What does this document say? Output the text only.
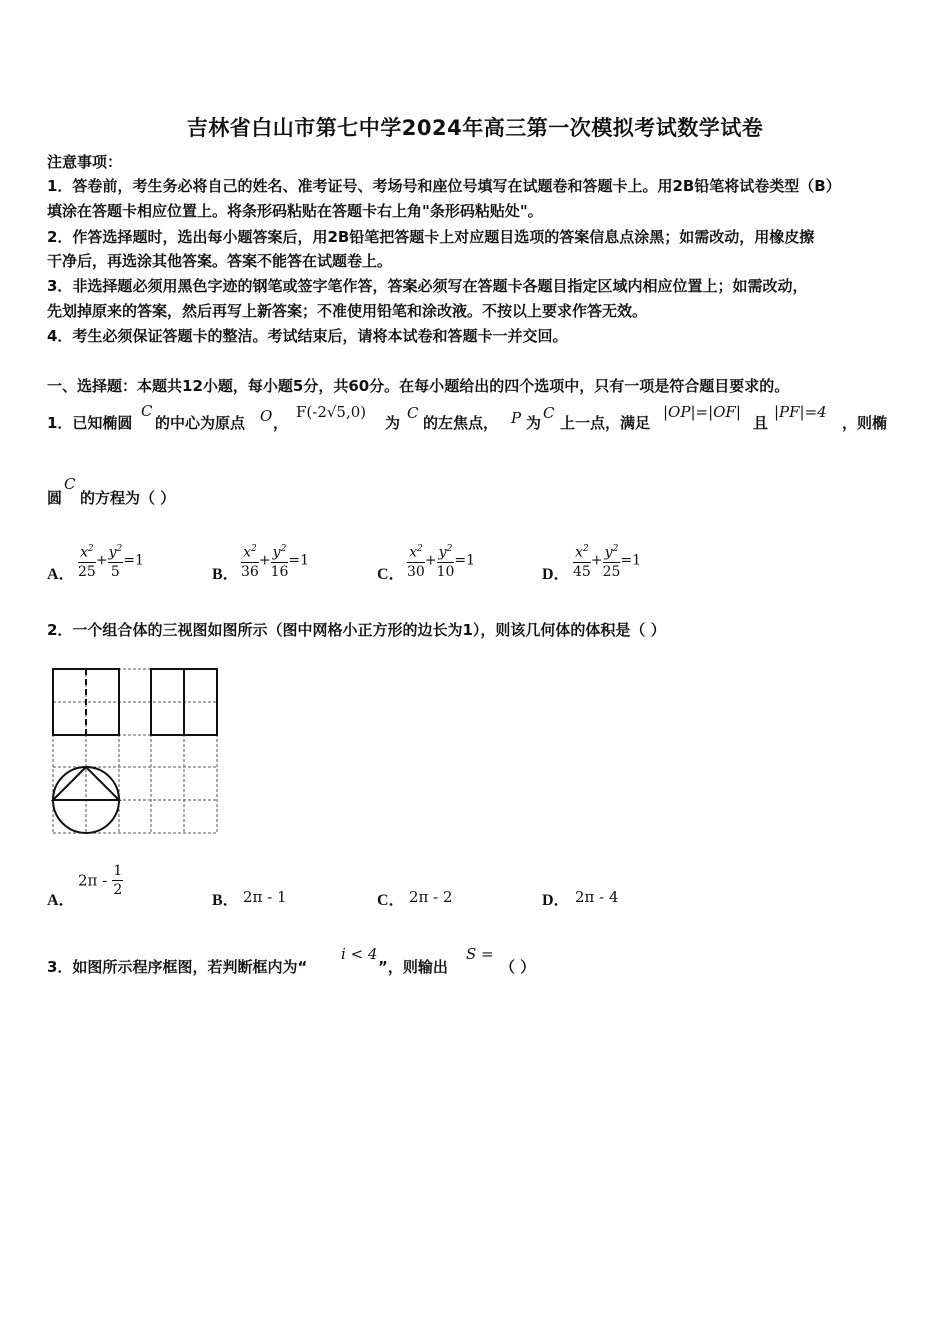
吉林省白山市第七中学2024年高三第一次模拟考试数学试卷
注意事项：
1．答卷前，考生务必将自己的姓名、准考证号、考场号和座位号填写在试题卷和答题卡上。用2B铅笔将试卷类型（B）
填涂在答题卡相应位置上。将条形码粘贴在答题卡右上角"条形码粘贴处"。
2．作答选择题时，选出每小题答案后，用2B铅笔把答题卡上对应题目选项的答案信息点涂黑；如需改动，用橡皮擦
干净后，再选涂其他答案。答案不能答在试题卷上。
3．非选择题必须用黑色字迹的钢笔或签字笔作答，答案必须写在答题卡各题目指定区域内相应位置上；如需改动，
先划掉原来的答案，然后再写上新答案；不准使用铅笔和涂改液。不按以上要求作答无效。
4．考生必须保证答题卡的整洁。考试结束后，请将本试卷和答题卡一并交回。
一、选择题：本题共12小题，每小题5分，共60分。在每小题给出的四个选项中，只有一项是符合题目要求的。
1．已知椭圆
C
的中心为原点 O ，
F(-2√5,0)
为
C
的左焦点， P 为
C
上一点，满足
|OP|=|OF|
且
|PF|=4
，则椭
圆
C
的方程为（ ）
A． $\frac{x^2}{25} + \frac{y^2}{5} =1$
B． $\frac{x^2}{36} + \frac{y^2}{16} =1$
C． $\frac{x^2}{30} + \frac{y^2}{10} =1$
D． $\frac{x^2}{45} + \frac{y^2}{25} =1$
2．一个组合体的三视图如图所示（图中网格小正方形的边长为1），则该几何体的体积是（ ）
A．
$2\pi - \frac{1}{2}$
B． 2π - 1	C． 2π - 2	D． 2π - 4
3．如图所示程序框图，若判断框内为“
i < 4
”，则输出
S =
（ ）
